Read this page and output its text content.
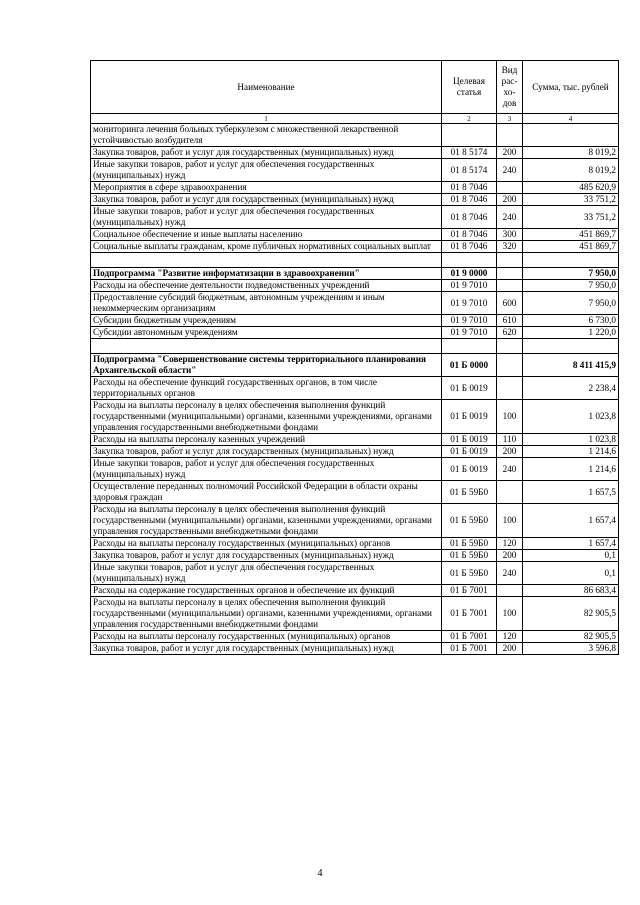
Наименование	Целевая статья	Вид рас-хо-дов	Сумма, тыс. рублей
1	2	3	4
мониторинга лечения больных туберкулезом с множественной лекарственной устойчивостью возбудителя			
Закупка товаров, работ и услуг для государственных (муниципальных) нужд	01 8 5174	200	8 019,2
Иные закупки товаров, работ и услуг для обеспечения государственных (муниципальных) нужд	01 8 5174	240	8 019,2
Мероприятия в сфере здравоохранения	01 8 7046		485 620,9
Закупка товаров, работ и услуг для государственных (муниципальных) нужд	01 8 7046	200	33 751,2
Иные закупки товаров, работ и услуг для обеспечения государственных (муниципальных) нужд	01 8 7046	240	33 751,2
Социальное обеспечение и иные выплаты населению	01 8 7046	300	451 869,7
Социальные выплаты гражданам, кроме публичных нормативных социальных выплат	01 8 7046	320	451 869,7

Подпрограмма "Развитие информатизации в здравоохранении"	01 9 0000		7 950,0
Расходы на обеспечение деятельности подведомственных учреждений	01 9 7010		7 950,0
Предоставление субсидий бюджетным, автономным учреждениям и иным некоммерческим организациям	01 9 7010	600	7 950,0
Субсидии бюджетным учреждениям	01 9 7010	610	6 730,0
Субсидии автономным учреждениям	01 9 7010	620	1 220,0

Подпрограмма "Совершенствование системы территориального планирования Архангельской области"	01 Б 0000		8 411 415,9
Расходы на обеспечение функций государственных органов, в том числе территориальных органов	01 Б 0019		2 238,4
Расходы на выплаты персоналу в целях обеспечения выполнения функций государственными (муниципальными) органами, казенными учреждениями, органами управления государственными внебюджетными фондами	01 Б 0019	100	1 023,8
Расходы на выплаты персоналу казенных учреждений	01 Б 0019	110	1 023,8
Закупка товаров, работ и услуг для государственных (муниципальных) нужд	01 Б 0019	200	1 214,6
Иные закупки товаров, работ и услуг для обеспечения государственных (муниципальных) нужд	01 Б 0019	240	1 214,6
Осуществление переданных полномочий Российской Федерации в области охраны здоровья граждан	01 Б 59Б0		1 657,5
Расходы на выплаты персоналу в целях обеспечения выполнения функций государственными (муниципальными) органами, казенными учреждениями, органами управления государственными внебюджетными фондами	01 Б 59Б0	100	1 657,4
Расходы на выплаты персоналу государственных (муниципальных) органов	01 Б 59Б0	120	1 657,4
Закупка товаров, работ и услуг для государственных (муниципальных) нужд	01 Б 59Б0	200	0,1
Иные закупки товаров, работ и услуг для обеспечения государственных (муниципальных) нужд	01 Б 59Б0	240	0,1
Расходы на содержание государственных органов и обеспечение их функций	01 Б 7001		86 683,4
Расходы на выплаты персоналу в целях обеспечения выполнения функций государственными (муниципальными) органами, казенными учреждениями, органами управления государственными внебюджетными фондами	01 Б 7001	100	82 905,5
Расходы на выплаты персоналу государственных (муниципальных) органов	01 Б 7001	120	82 905,5
Закупка товаров, работ и услуг для государственных (муниципальных) нужд	01 Б 7001	200	3 596,8
4
